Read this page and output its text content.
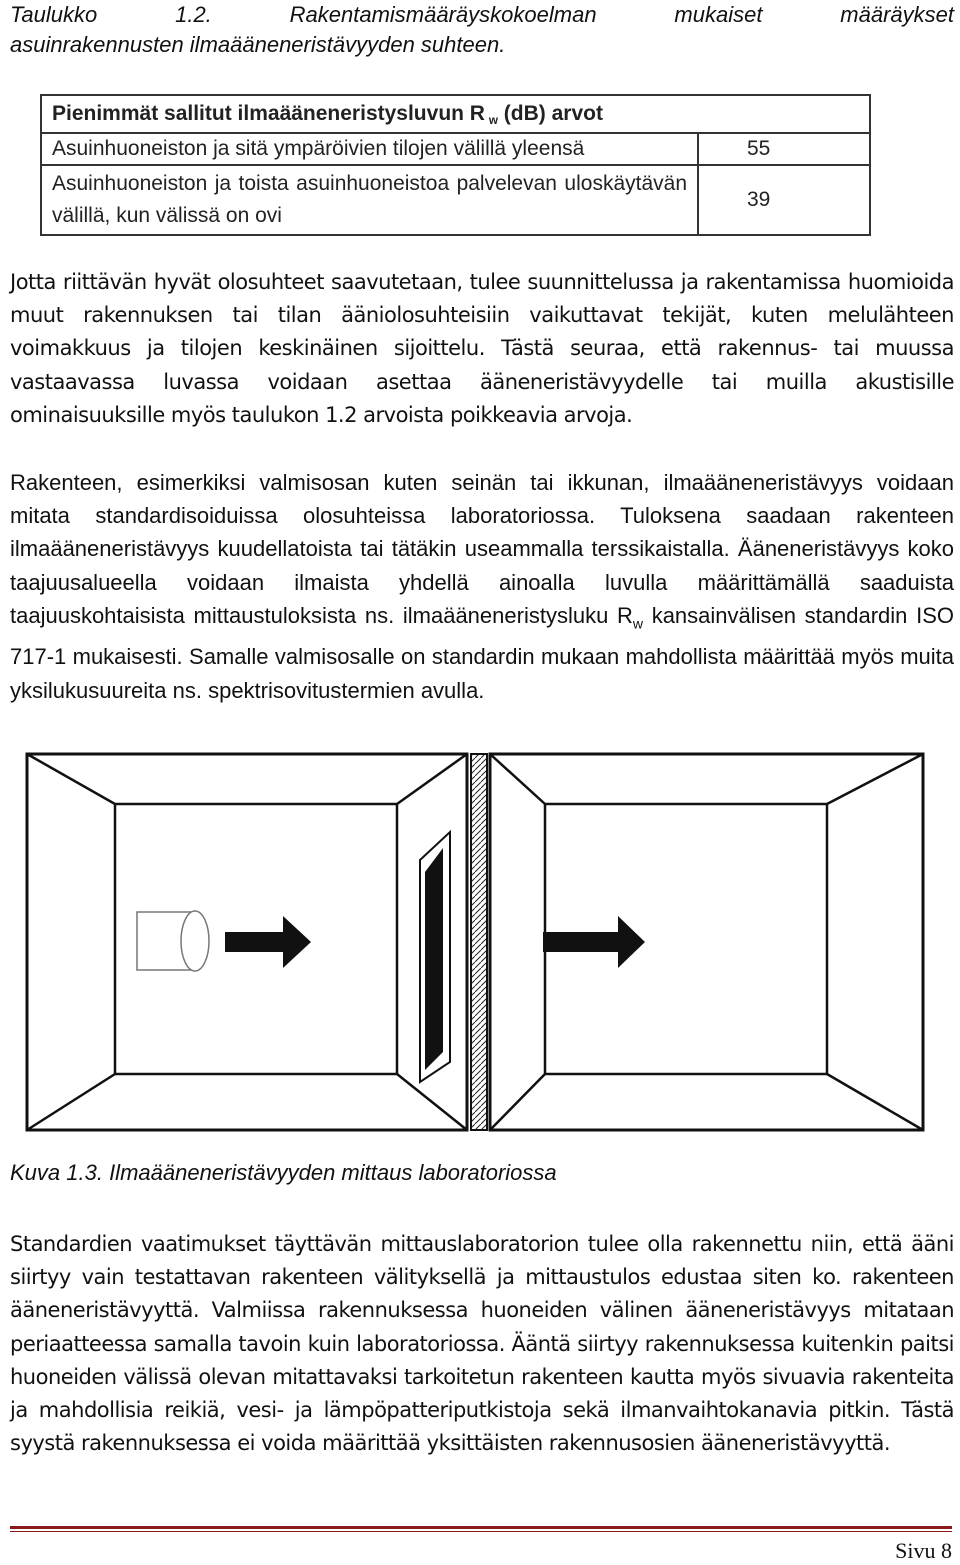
Taulukko 1.2. Rakentamismääräyskokoelman mukaiset määräykset
asuinrakennusten ilmaääneneristävyyden suhteen.
Pienimmät sallitut ilmaääneneristysluvun R $_w$ (dB) arvot	
Asuinhuoneiston ja sitä ympäröivien tilojen välillä yleensä	55
Asuinhuoneiston ja toista asuinhuoneistoa palvelevan uloskäytävän välillä, kun välissä on ovi	39
Jotta riittävän hyvät olosuhteet saavutetaan, tulee suunnittelussa ja rakentamissa huomioida muut rakennuksen tai tilan ääniolosuhteisiin vaikuttavat tekijät, kuten melulähteen voimakkuus ja tilojen keskinäinen sijoittelu. Tästä seuraa, että rakennus- tai muussa vastaavassa luvassa voidaan asettaa ääneneristävyydelle tai muilla akustisille ominaisuuksille myös taulukon 1.2 arvoista poikkeavia arvoja.
Rakenteen, esimerkiksi valmisosan kuten seinän tai ikkunan, ilmaääneneristävyys voidaan mitata standardisoiduissa olosuhteissa laboratoriossa. Tuloksena saadaan rakenteen ilmaääneneristävyys kuudellatoista tai tätäkin useammalla terssikaistalla. Ääneneristävyys koko taajuusalueella voidaan ilmaista yhdellä ainoalla luvulla määrittämällä saaduista taajuuskohtaisista mittaustuloksista ns. ilmaääneneristysluku $R_w$ kansainvälisen standardin ISO 717-1 mukaisesti. Samalle valmisosalle on standardin mukaan mahdollista määrittää myös muita yksilukusuureita ns. spektrisovitustermien avulla.
Kuva 1.3. Ilmaääneneristävyyden mittaus laboratoriossa
Standardien vaatimukset täyttävän mittauslaboratorion tulee olla rakennettu niin, että ääni siirtyy vain testattavan rakenteen välityksellä ja mittaustulos edustaa siten ko. rakenteen ääneneristävyyttä. Valmiissa rakennuksessa huoneiden välinen ääneneristävyys mitataan periaatteessa samalla tavoin kuin laboratoriossa. Ääntä siirtyy rakennuksessa kuitenkin paitsi huoneiden välissä olevan mitattavaksi tarkoitetun rakenteen kautta myös sivuavia rakenteita ja mahdollisia reikiä, vesi- ja lämpöpatteriputkistoja sekä ilmanvaihtokanavia pitkin. Tästä syystä rakennuksessa ei voida määrittää yksittäisten rakennusosien ääneneristävyyttä.
Sivu 8
